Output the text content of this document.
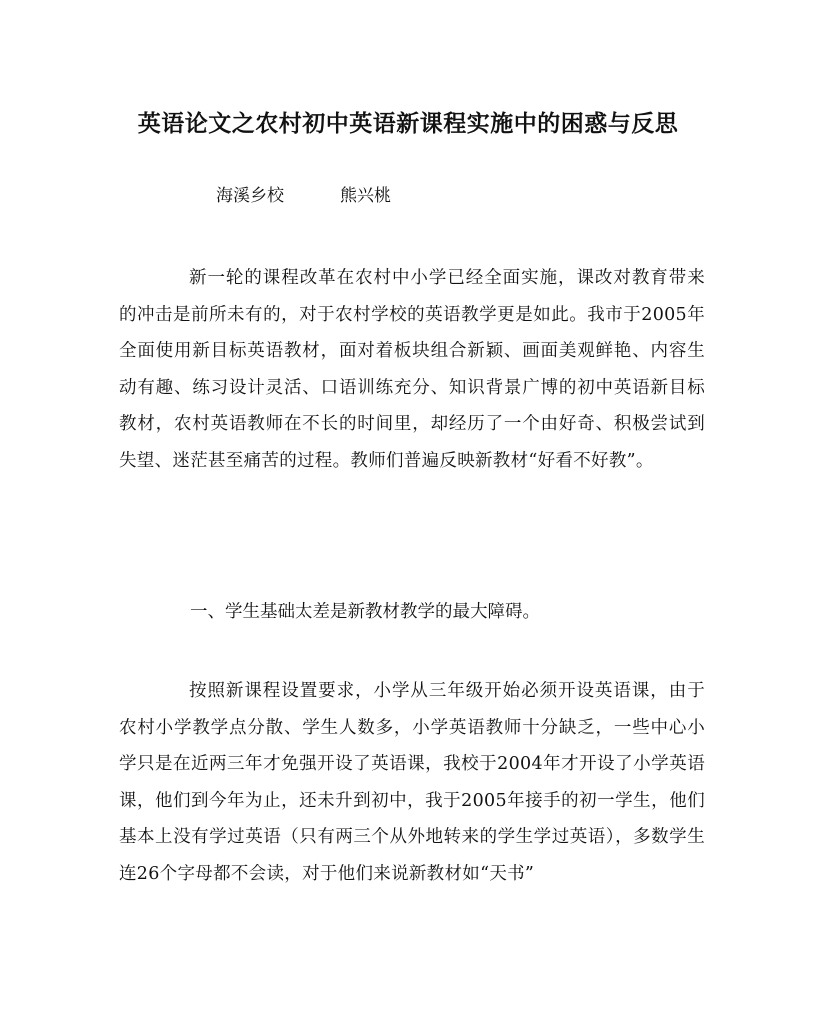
英语论文之农村初中英语新课程实施中的困惑与反思

海溪乡校	熊兴桃

新一轮的课程改革在农村中小学已经全面实施，课改对教育带来的冲击是前所未有的，对于农村学校的英语教学更是如此。我市于2005年全面使用新目标英语教材，面对着板块组合新颖、画面美观鲜艳、内容生动有趣、练习设计灵活、口语训练充分、知识背景广博的初中英语新目标教材，农村英语教师在不长的时间里，却经历了一个由好奇、积极尝试到失望、迷茫甚至痛苦的过程。教师们普遍反映新教材“好看不好教”。

一、学生基础太差是新教材教学的最大障碍。

按照新课程设置要求，小学从三年级开始必须开设英语课，由于农村小学教学点分散、学生人数多，小学英语教师十分缺乏，一些中心小学只是在近两三年才免强开设了英语课，我校于2004年才开设了小学英语课，他们到今年为止，还未升到初中，我于2005年接手的初一学生，他们基本上没有学过英语（只有两三个从外地转来的学生学过英语），多数学生连26个字母都不会读，对于他们来说新教材如“天书”
